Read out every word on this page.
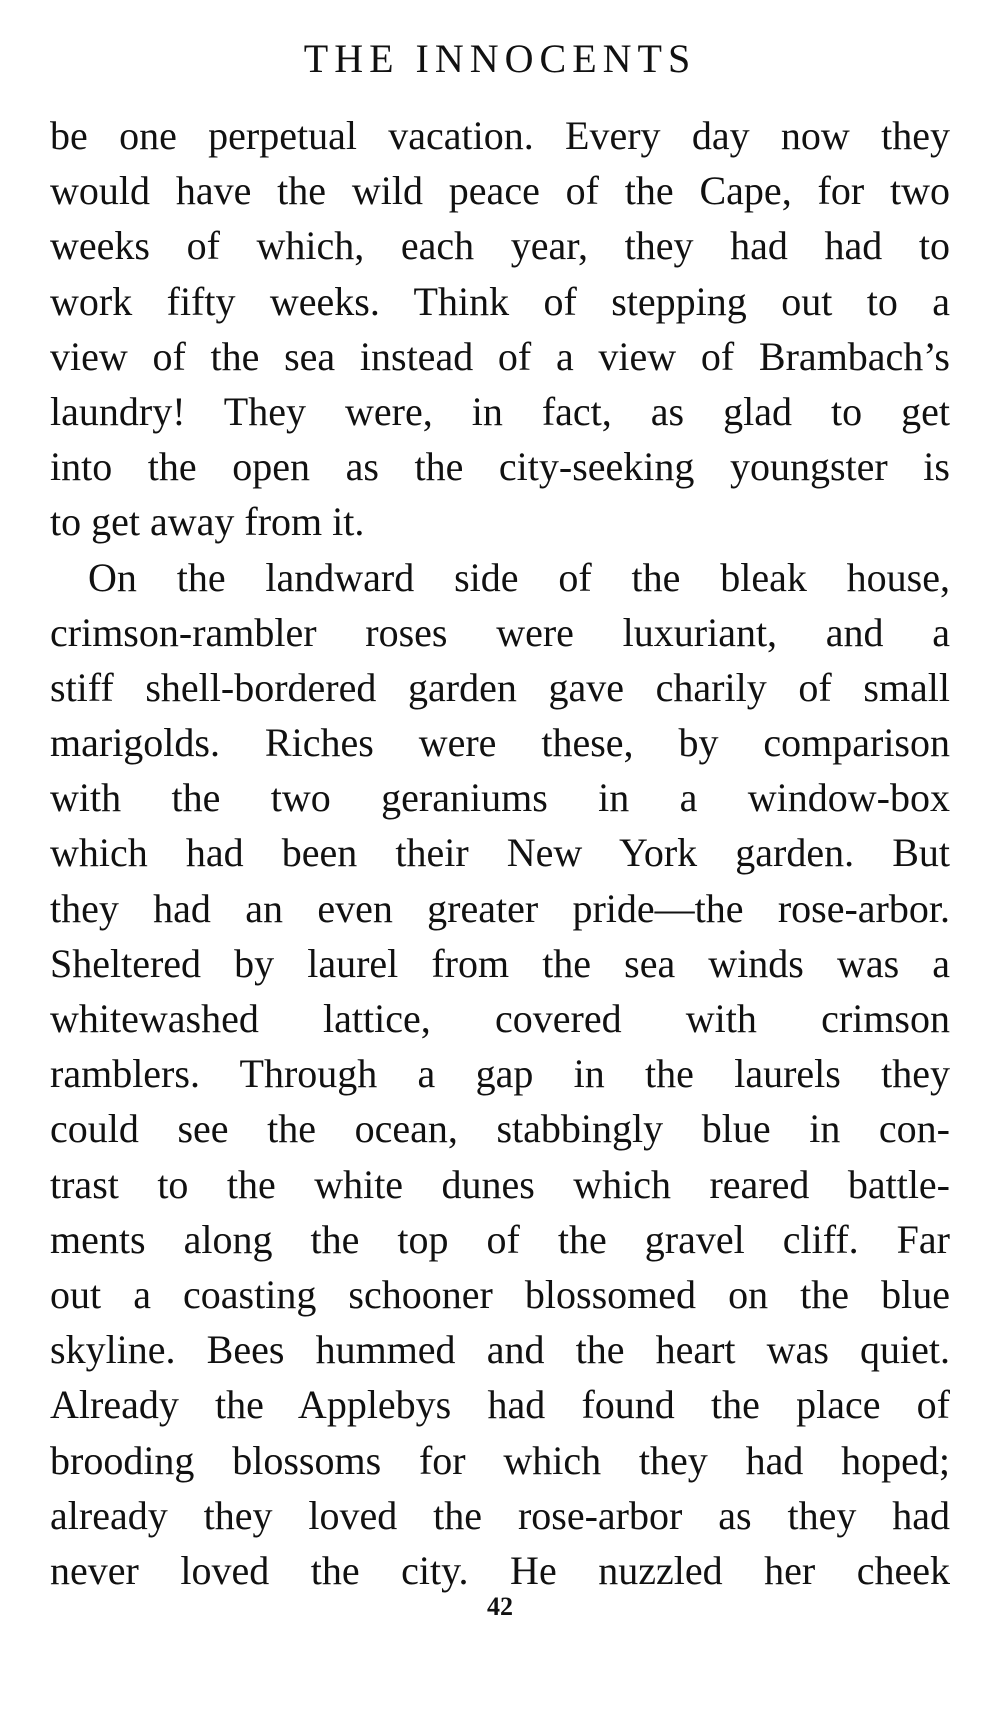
THE INNOCENTS
be one perpetual vacation. Every day now they
would have the wild peace of the Cape, for two
weeks of which, each year, they had had to
work fifty weeks. Think of stepping out to a
view of the sea instead of a view of Brambach’s
laundry! They were, in fact, as glad to get
into the open as the city-seeking youngster is
to get away from it.
On the landward side of the bleak house,
crimson-rambler roses were luxuriant, and a
stiff shell-bordered garden gave charily of small
marigolds. Riches were these, by comparison
with the two geraniums in a window-box
which had been their New York garden. But
they had an even greater pride—the rose-arbor.
Sheltered by laurel from the sea winds was a
whitewashed lattice, covered with crimson
ramblers. Through a gap in the laurels they
could see the ocean, stabbingly blue in con-
trast to the white dunes which reared battle-
ments along the top of the gravel cliff. Far
out a coasting schooner blossomed on the blue
skyline. Bees hummed and the heart was quiet.
Already the Applebys had found the place of
brooding blossoms for which they had hoped;
already they loved the rose-arbor as they had
never loved the city. He nuzzled her cheek
42
